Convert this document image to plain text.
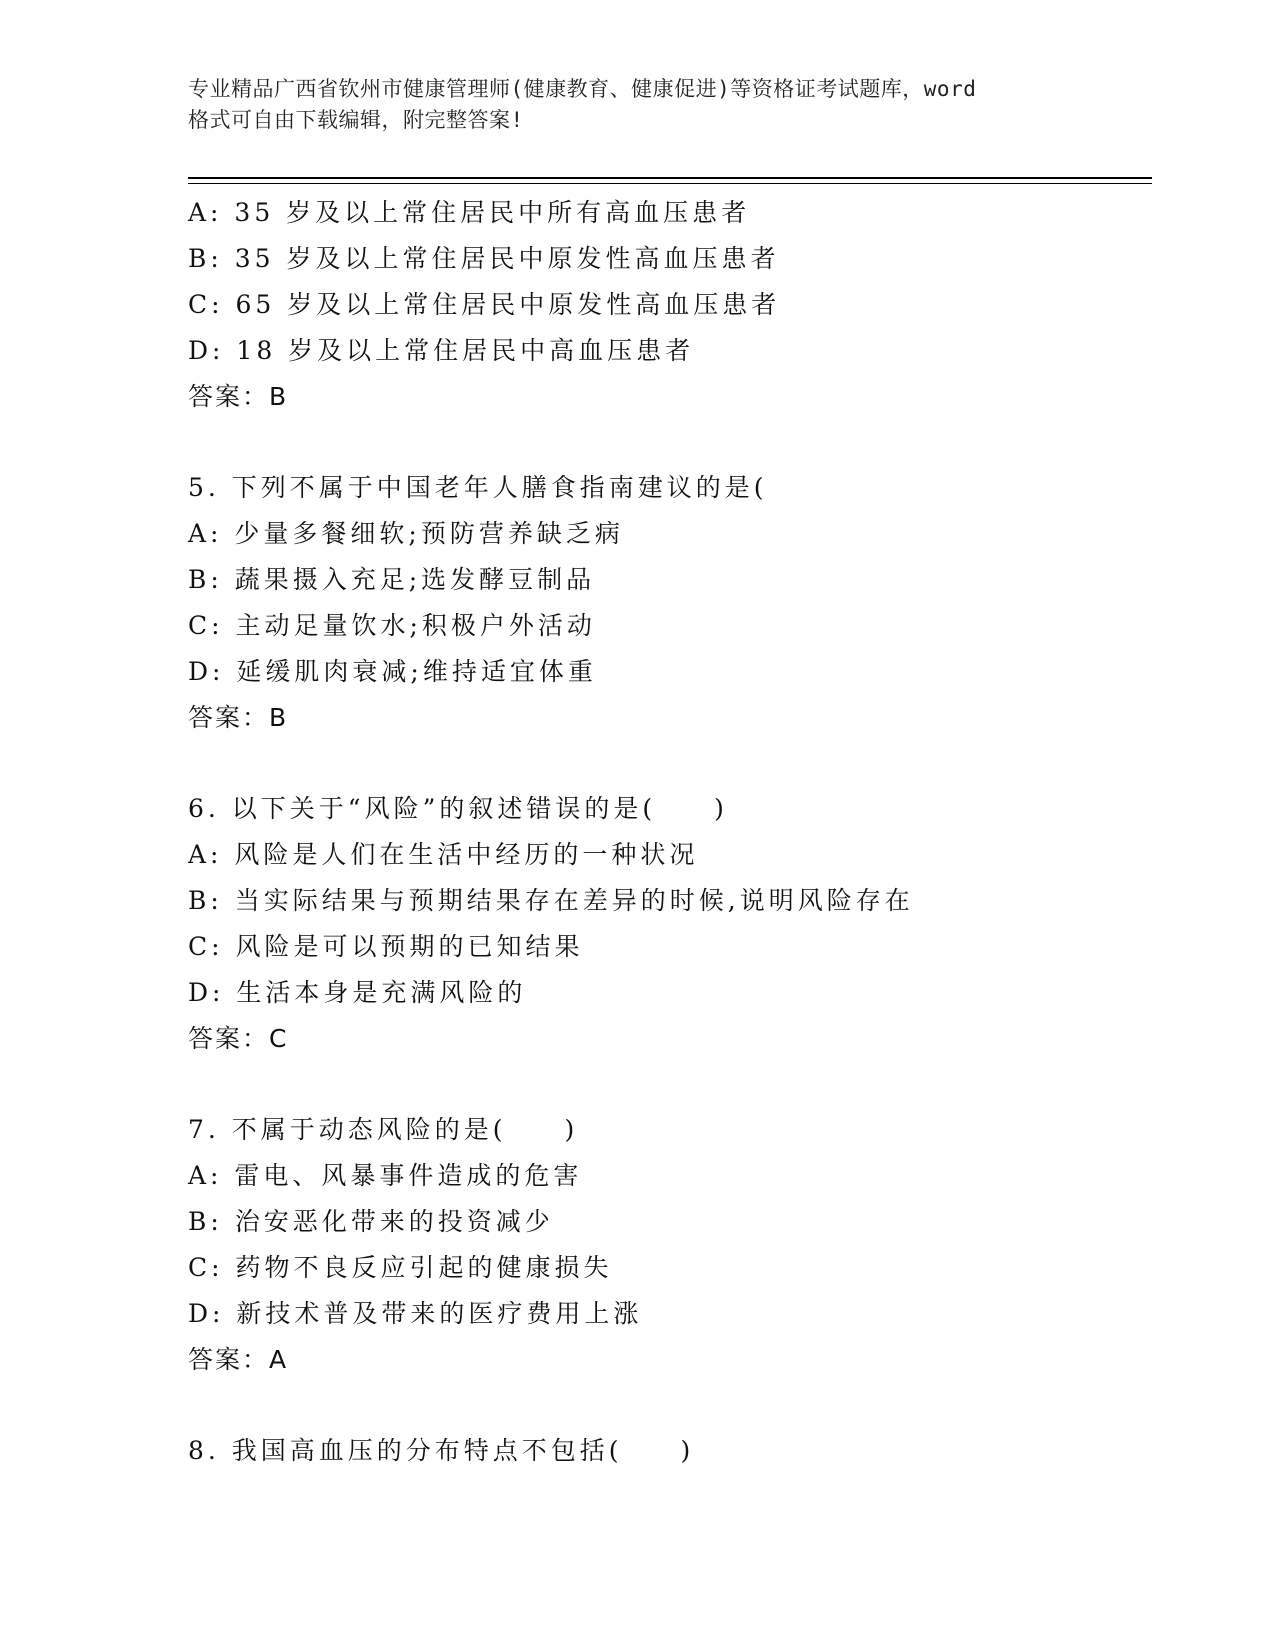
专业精品广西省钦州市健康管理师(健康教育、健康促进)等资格证考试题库，word
格式可自由下载编辑，附完整答案!
A: 35 岁及以上常住居民中所有高血压患者
B: 35 岁及以上常住居民中原发性高血压患者
C: 65 岁及以上常住居民中原发性高血压患者
D: 18 岁及以上常住居民中高血压患者
答案：B
5. 下列不属于中国老年人膳食指南建议的是(
A: 少量多餐细软;预防营养缺乏病
B: 蔬果摄入充足;选发酵豆制品
C: 主动足量饮水;积极户外活动
D: 延缓肌肉衰减;维持适宜体重
答案：B
6. 以下关于“风险”的叙述错误的是(　　)
A: 风险是人们在生活中经历的一种状况
B: 当实际结果与预期结果存在差异的时候,说明风险存在
C: 风险是可以预期的已知结果
D: 生活本身是充满风险的
答案：C
7. 不属于动态风险的是(　　)
A: 雷电、风暴事件造成的危害
B: 治安恶化带来的投资减少
C: 药物不良反应引起的健康损失
D: 新技术普及带来的医疗费用上涨
答案：A
8. 我国高血压的分布特点不包括(　　)
